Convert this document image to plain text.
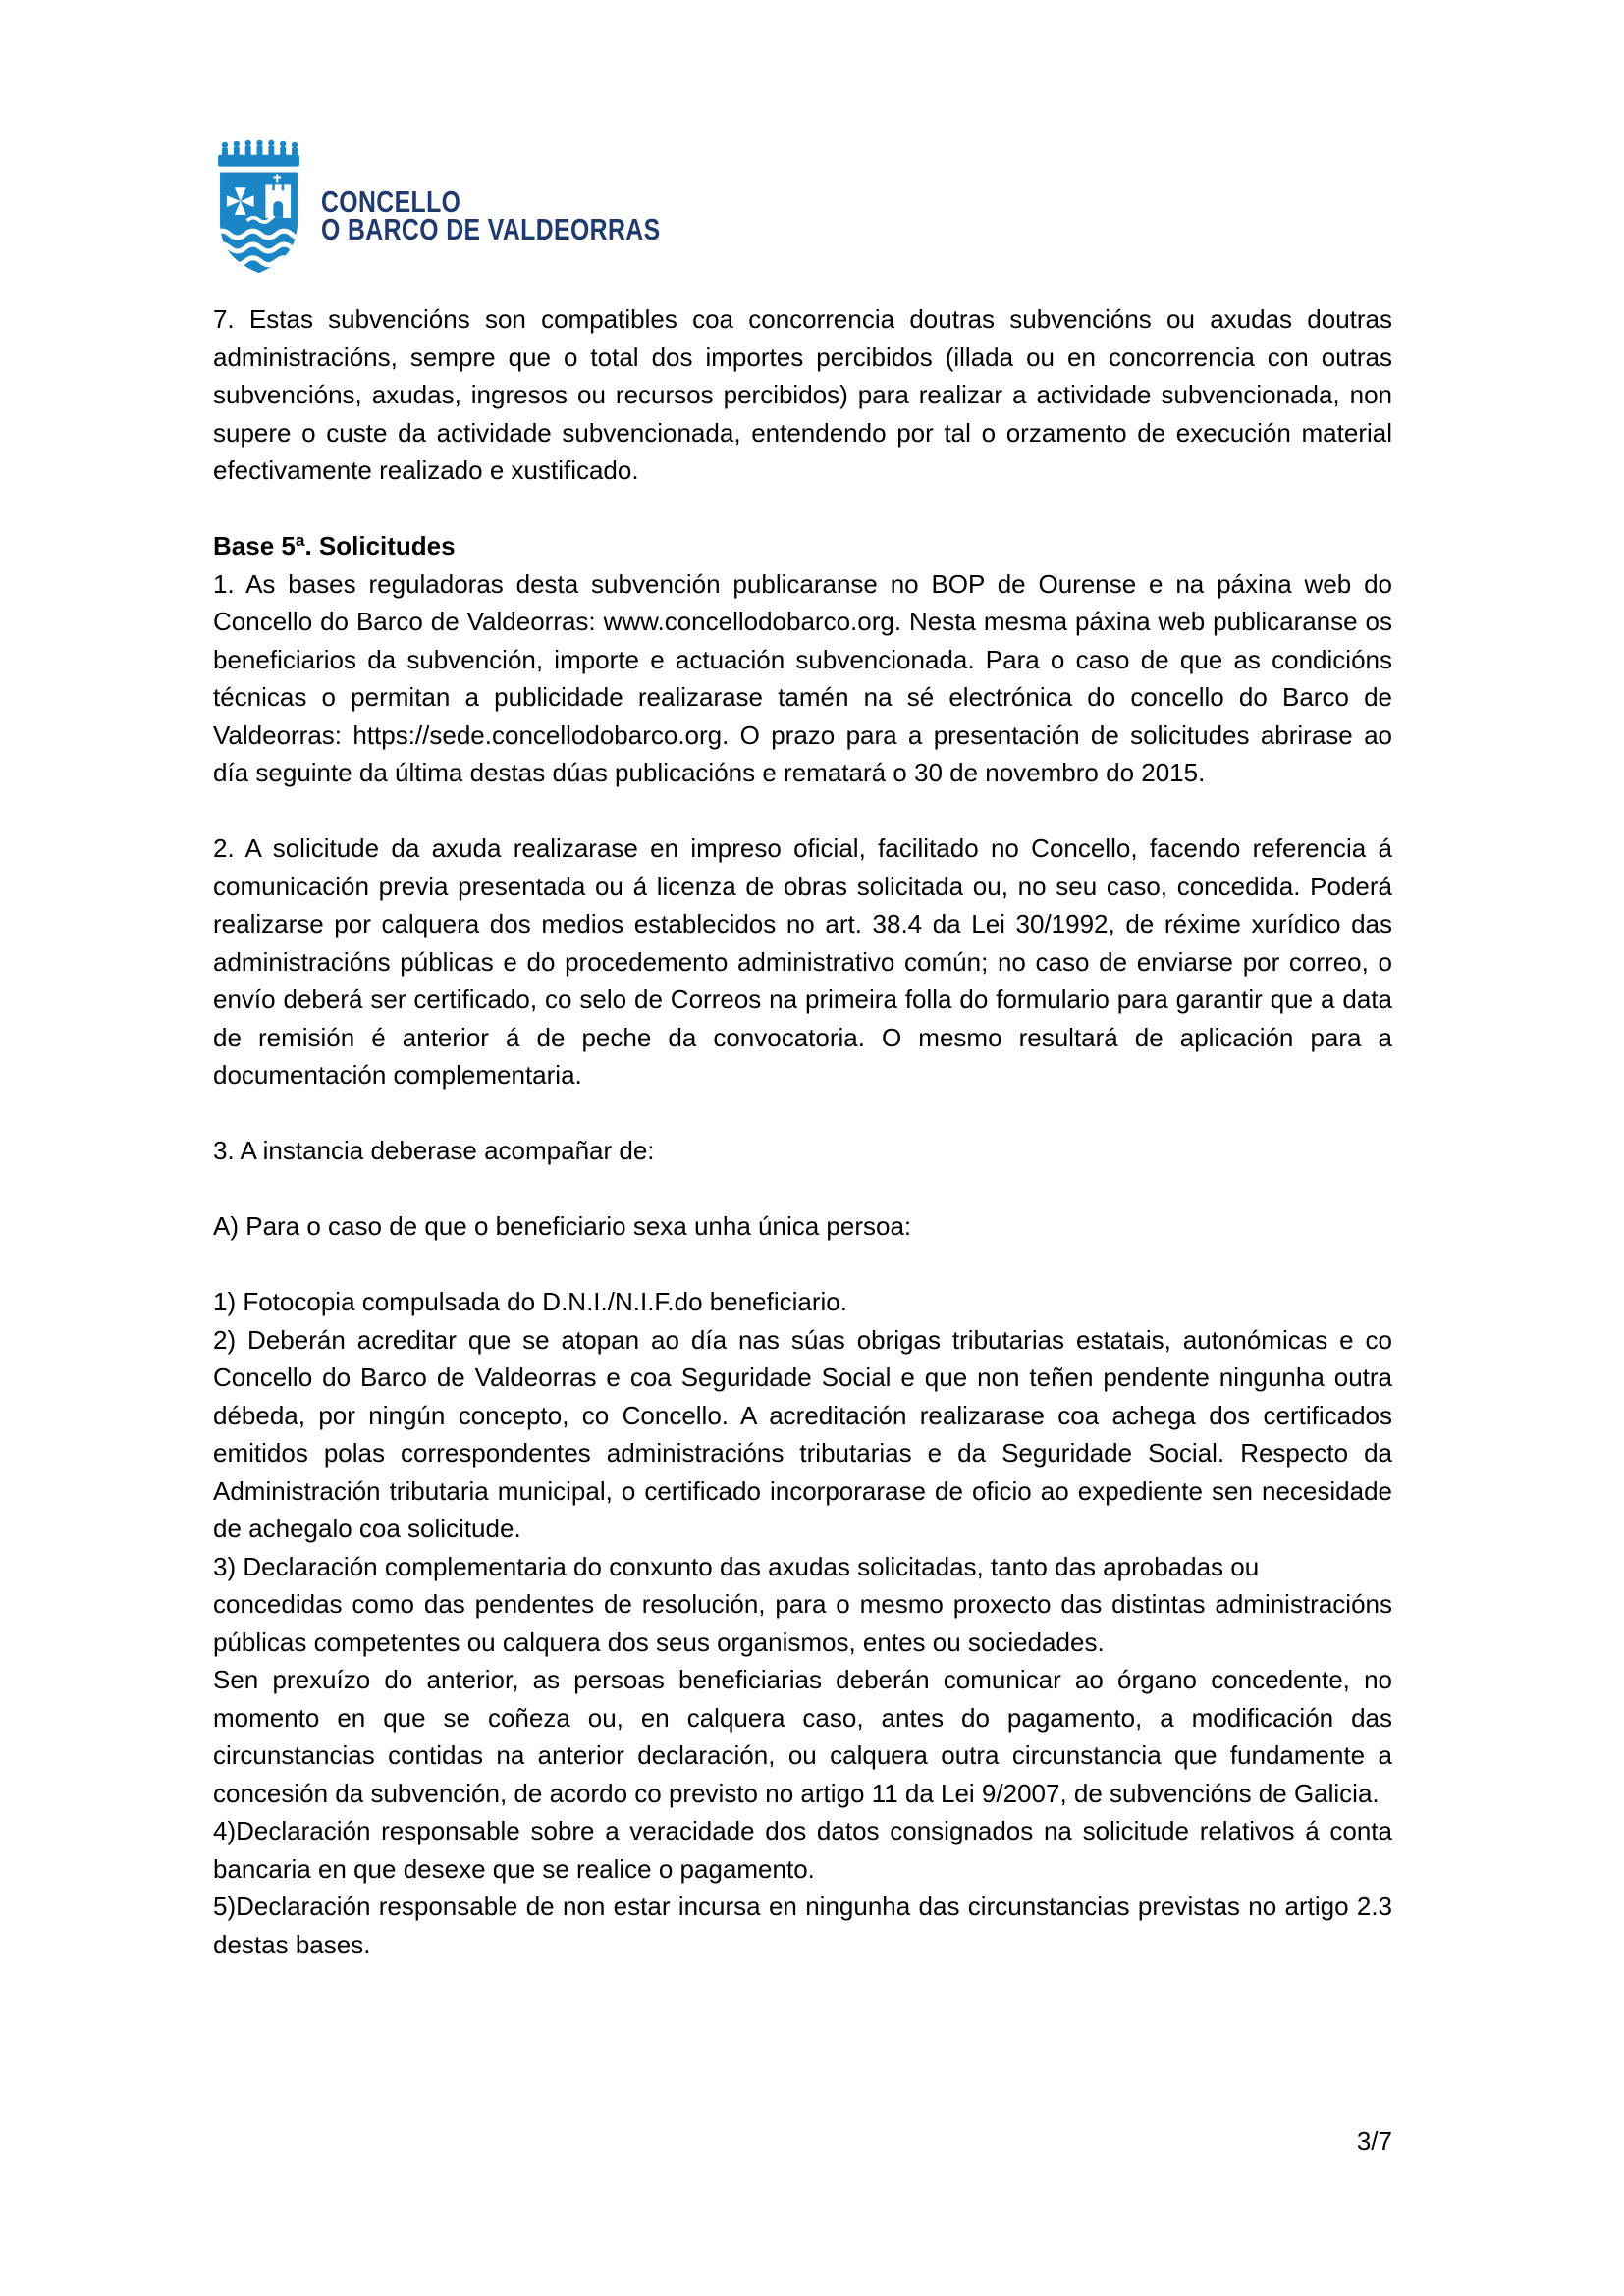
CONCELLO
O BARCO DE VALDEORRAS

7. Estas subvencións son compatibles coa concorrencia doutras subvencións ou axudas doutras administracións, sempre que o total dos importes percibidos (illada ou en concorrencia con outras subvencións, axudas, ingresos ou recursos percibidos) para realizar a actividade subvencionada, non supere o custe da actividade subvencionada, entendendo por tal o orzamento de execución material efectivamente realizado e xustificado.

Base 5ª. Solicitudes

1. As bases reguladoras desta subvención publicaranse no BOP de Ourense e na páxina web do Concello do Barco de Valdeorras: www.concellodobarco.org. Nesta mesma páxina web publicaranse os beneficiarios da subvención, importe e actuación subvencionada. Para o caso de que as condicións técnicas o permitan a publicidade realizarase tamén na sé electrónica do concello do Barco de Valdeorras: https://sede.concellodobarco.org. O prazo para a presentación de solicitudes abrirase ao día seguinte da última destas dúas publicacións e rematará o 30 de novembro do 2015.

2. A solicitude da axuda realizarase en impreso oficial, facilitado no Concello, facendo referencia á comunicación previa presentada ou á licenza de obras solicitada ou, no seu caso, concedida. Poderá realizarse por calquera dos medios establecidos no art. 38.4 da Lei 30/1992, de réxime xurídico das administracións públicas e do procedemento administrativo común; no caso de enviarse por correo, o envío deberá ser certificado, co selo de Correos na primeira folla do formulario para garantir que a data de remisión é anterior á de peche da convocatoria. O mesmo resultará de aplicación para a documentación complementaria.

3. A instancia deberase acompañar de:

A) Para o caso de que o beneficiario sexa unha única persoa:

1) Fotocopia compulsada do D.N.I./N.I.F.do beneficiario.

2) Deberán acreditar que se atopan ao día nas súas obrigas tributarias estatais, autonómicas e co Concello do Barco de Valdeorras e coa Seguridade Social e que non teñen pendente ningunha outra débeda, por ningún concepto, co Concello. A acreditación realizarase coa achega dos certificados emitidos polas correspondentes administracións tributarias e da Seguridade Social. Respecto da Administración tributaria municipal, o certificado incorporarase de oficio ao expediente sen necesidade de achegalo coa solicitude.

3) Declaración complementaria do conxunto das axudas solicitadas, tanto das aprobadas ou

concedidas como das pendentes de resolución, para o mesmo proxecto das distintas administracións públicas competentes ou calquera dos seus organismos, entes ou sociedades.

Sen prexuízo do anterior, as persoas beneficiarias deberán comunicar ao órgano concedente, no momento en que se coñeza ou, en calquera caso, antes do pagamento, a modificación das circunstancias contidas na anterior declaración, ou calquera outra circunstancia que fundamente a concesión da subvención, de acordo co previsto no artigo 11 da Lei 9/2007, de subvencións de Galicia.

4)Declaración responsable sobre a veracidade dos datos consignados na solicitude relativos á conta bancaria en que desexe que se realice o pagamento.

5)Declaración responsable de non estar incursa en ningunha das circunstancias previstas no artigo 2.3 destas bases.

3/7
